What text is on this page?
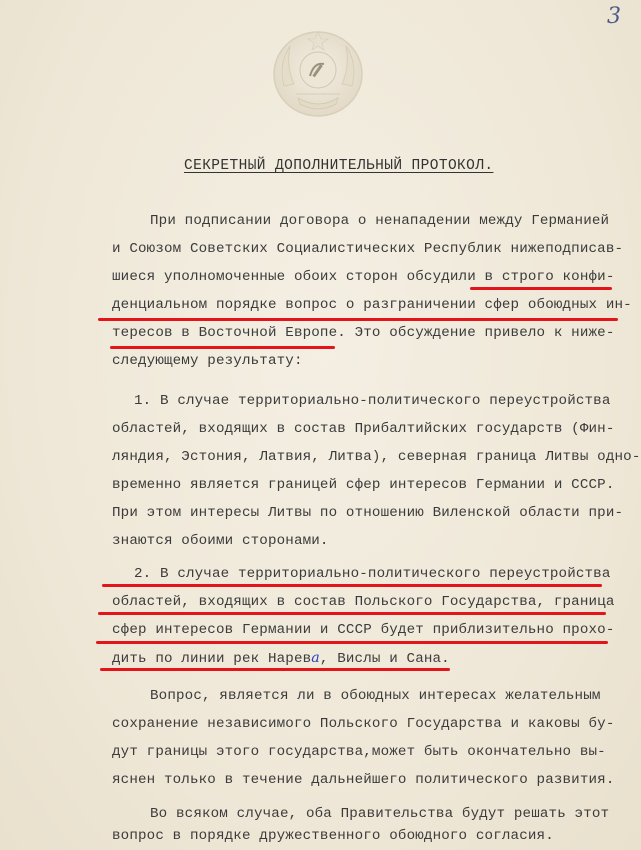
3
СЕКРЕТНЫЙ ДОПОЛНИТЕЛЬНЫЙ ПРОТОКОЛ.
При подписании договора о ненападении между Германией
и Союзом Советских Социалистических Республик нижеподписав-
шиеся уполномоченные обоих сторон обсудили в строго конфи-
денциальном порядке вопрос о разграничении сфер обоюдных ин-
тересов в Восточной Европе. Это обсуждение привело к ниже-
следующему результату:
1. В случае территориально-политического переустройства
областей, входящих в состав Прибалтийских государств (Фин-
ляндия, Эстония, Латвия, Литва), северная граница Литвы одно-
временно является границей сфер интересов Германии и СССР.
При этом интересы Литвы по отношению Виленской области при-
знаются обоими сторонами.
2. В случае территориально-политического переустройства
областей, входящих в состав Польского Государства, граница
сфер интересов Германии и СССР будет приблизительно прохо-
дить по линии рек Нарева, Вислы и Сана.
Вопрос, является ли в обоюдных интересах желательным
сохранение независимого Польского Государства и каковы бу-
дут границы этого государства,может быть окончательно вы-
яснен только в течение дальнейшего политического развития.
Во всяком случае, оба Правительства будут решать этот
вопрос в порядке дружественного обоюдного согласия.
